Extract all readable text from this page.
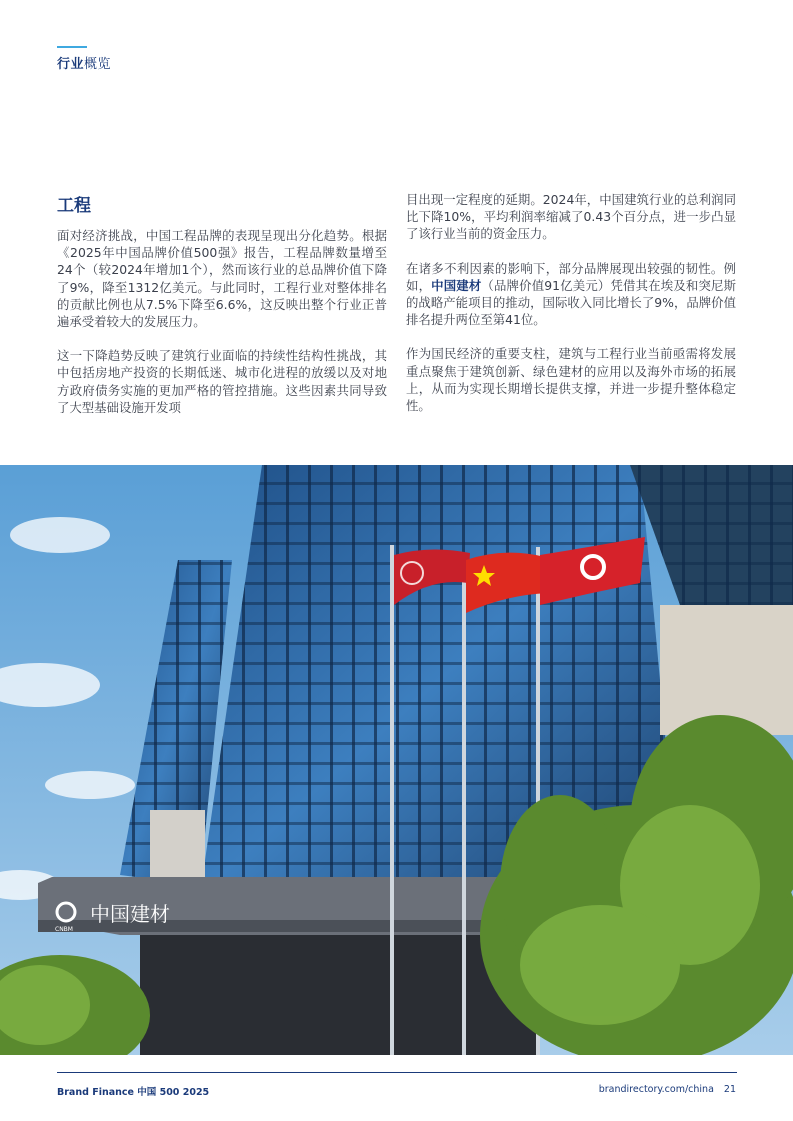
行业概览
工程

面对经济挑战，中国工程品牌的表现呈现出分化趋势。根据《2025年中国品牌价值500强》报告，工程品牌数量增至24个（较2024年增加1个），然而该行业的总品牌价值下降了9%，降至1312亿美元。与此同时，工程行业对整体排名的贡献比例也从7.5%下降至6.6%，这反映出整个行业正普遍承受着较大的发展压力。

这一下降趋势反映了建筑行业面临的持续性结构性挑战，其中包括房地产投资的长期低迷、城市化进程的放缓以及对地方政府债务实施的更加严格的管控措施。这些因素共同导致了大型基础设施开发项

目出现一定程度的延期。2024年，中国建筑行业的总利润同比下降10%，平均利润率缩减了0.43个百分点，进一步凸显了该行业当前的资金压力。

在诸多不利因素的影响下，部分品牌展现出较强的韧性。例如，中国建材（品牌价值91亿美元）凭借其在埃及和突尼斯的战略产能项目的推动，国际收入同比增长了9%，品牌价值排名提升两位至第41位。

作为国民经济的重要支柱，建筑与工程行业当前亟需将发展重点聚焦于建筑创新、绿色建材的应用以及海外市场的拓展上，从而为实现长期增长提供支撑，并进一步提升整体稳定性。

CNBM
中国建材
Brand Finance 中国 500 2025	brandirectory.com/china 21
